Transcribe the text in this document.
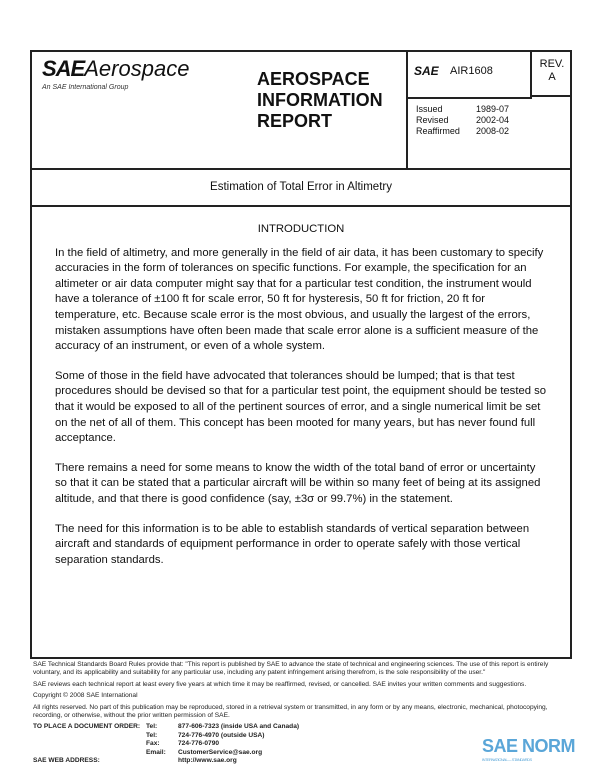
SAEAerospace
An SAE International Group	AEROSPACE
INFORMATION
REPORT
SAE AIR1608
REV.
A
Issued	1989-07
Revised	2002-04
Reaffirmed	2008-02
Estimation of Total Error in Altimetry
INTRODUCTION

In the field of altimetry, and more generally in the field of air data, it has been customary to specify accuracies in the form of tolerances on specific functions. For example, the specification for an altimeter or air data computer might say that for a particular test condition, the instrument would have a tolerance of ±100 ft for scale error, 50 ft for hysteresis, 50 ft for friction, 20 ft for temperature, etc. Because scale error is the most obvious, and usually the largest of the errors, mistaken assumptions have often been made that scale error alone is a sufficient measure of the accuracy of an instrument, or even of a whole system.

Some of those in the field have advocated that tolerances should be lumped; that is that test procedures should be devised so that for a particular test point, the equipment should be tested so that it would be exposed to all of the pertinent sources of error, and a single numerical limit be set on the net of all of them. This concept has been mooted for many years, but has never found full acceptance.

There remains a need for some means to know the width of the total band of error or uncertainty so that it can be stated that a particular aircraft will be within so many feet of being at its assigned altitude, and that there is good confidence (say, ±3σ or 99.7%) in the statement.

The need for this information is to be able to establish standards of vertical separation between aircraft and standards of equipment performance in order to operate safely with those vertical separation standards.

SAE Technical Standards Board Rules provide that: "This report is published by SAE to advance the state of technical and engineering sciences. The use of this report is entirely voluntary, and its applicability and suitability for any particular use, including any patent infringement arising therefrom, is the sole responsibility of the user."

SAE reviews each technical report at least every five years at which time it may be reaffirmed, revised, or cancelled. SAE invites your written comments and suggestions.

Copyright © 2008 SAE International

All rights reserved. No part of this publication may be reproduced, stored in a retrieval system or transmitted, in any form or by any means, electronic, mechanical, photocopying, recording, or otherwise, without the prior written permission of SAE.

TO PLACE A DOCUMENT ORDER: Tel:	877-606-7323 (inside USA and Canada)
Tel:	724-776-4970 (outside USA)
Fax:	724-776-0790
Email:	CustomerService@sae.org
SAE WEB ADDRESS:	http://www.sae.org
SAE NORM
INTERNATIONAL — STANDARDS
